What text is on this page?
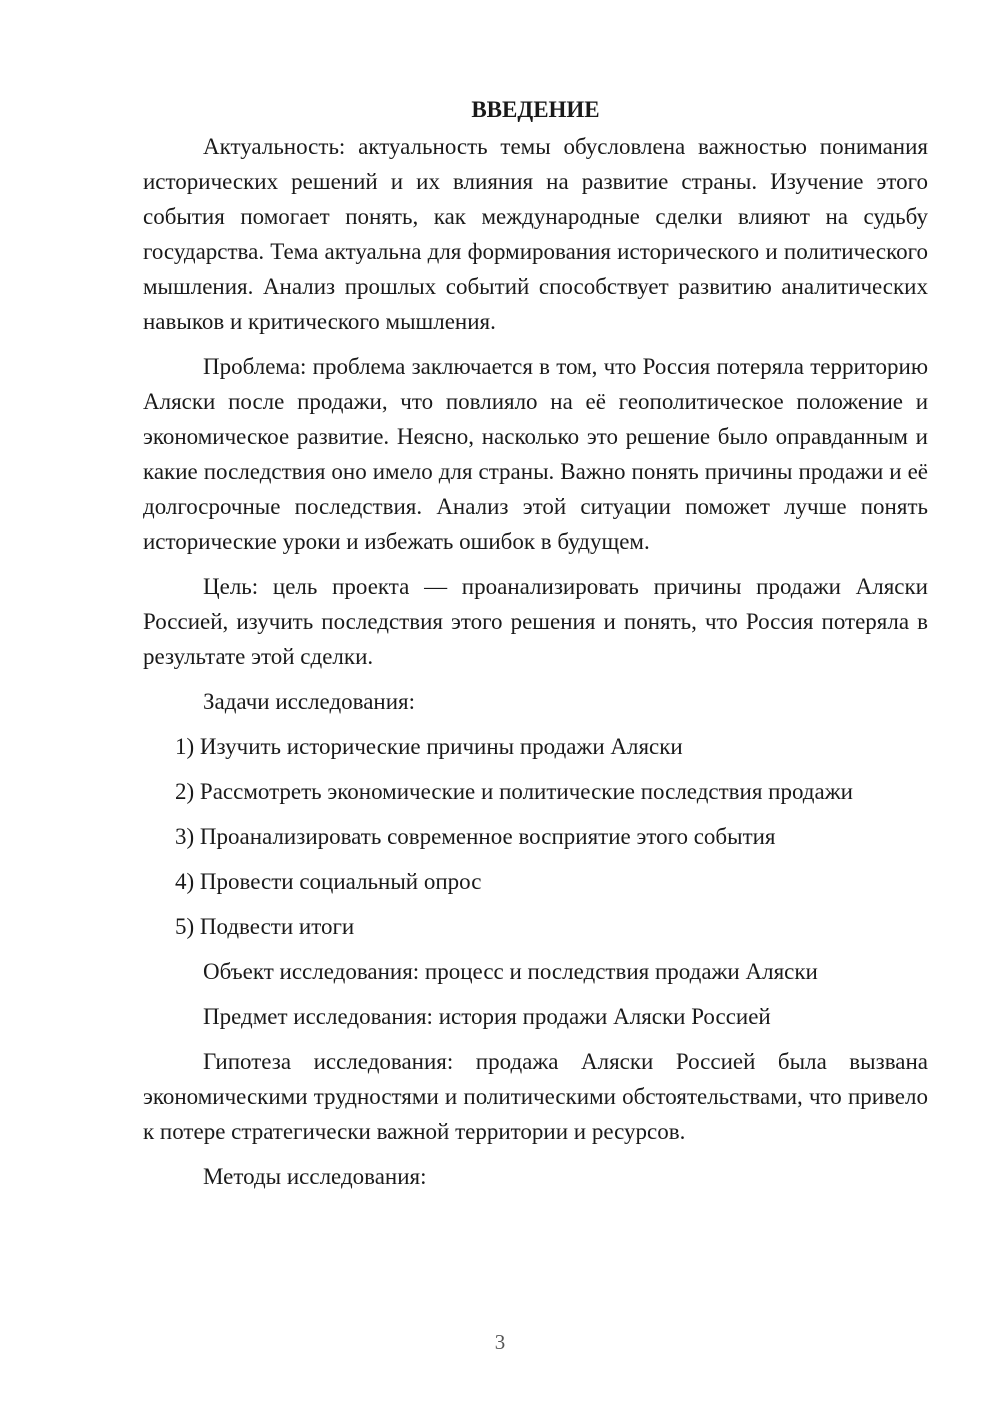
ВВЕДЕНИЕ

Актуальность: актуальность темы обусловлена важностью понимания исторических решений и их влияния на развитие страны. Изучение этого события помогает понять, как международные сделки влияют на судьбу государства. Тема актуальна для формирования исторического и политического мышления. Анализ прошлых событий способствует развитию аналитических навыков и критического мышления.

Проблема: проблема заключается в том, что Россия потеряла территорию Аляски после продажи, что повлияло на её геополитическое положение и экономическое развитие. Неясно, насколько это решение было оправданным и какие последствия оно имело для страны. Важно понять причины продажи и её долгосрочные последствия. Анализ этой ситуации поможет лучше понять исторические уроки и избежать ошибок в будущем.

Цель: цель проекта — проанализировать причины продажи Аляски Россией, изучить последствия этого решения и понять, что Россия потеряла в результате этой сделки.

Задачи исследования:

1) Изучить исторические причины продажи Аляски
2) Рассмотреть экономические и политические последствия продажи
3) Проанализировать современное восприятие этого события
4) Провести социальный опрос
5) Подвести итоги

Объект исследования: процесс и последствия продажи Аляски

Предмет исследования: история продажи Аляски Россией

Гипотеза исследования: продажа Аляски Россией была вызвана экономическими трудностями и политическими обстоятельствами, что привело к потере стратегически важной территории и ресурсов.

Методы исследования:

3
